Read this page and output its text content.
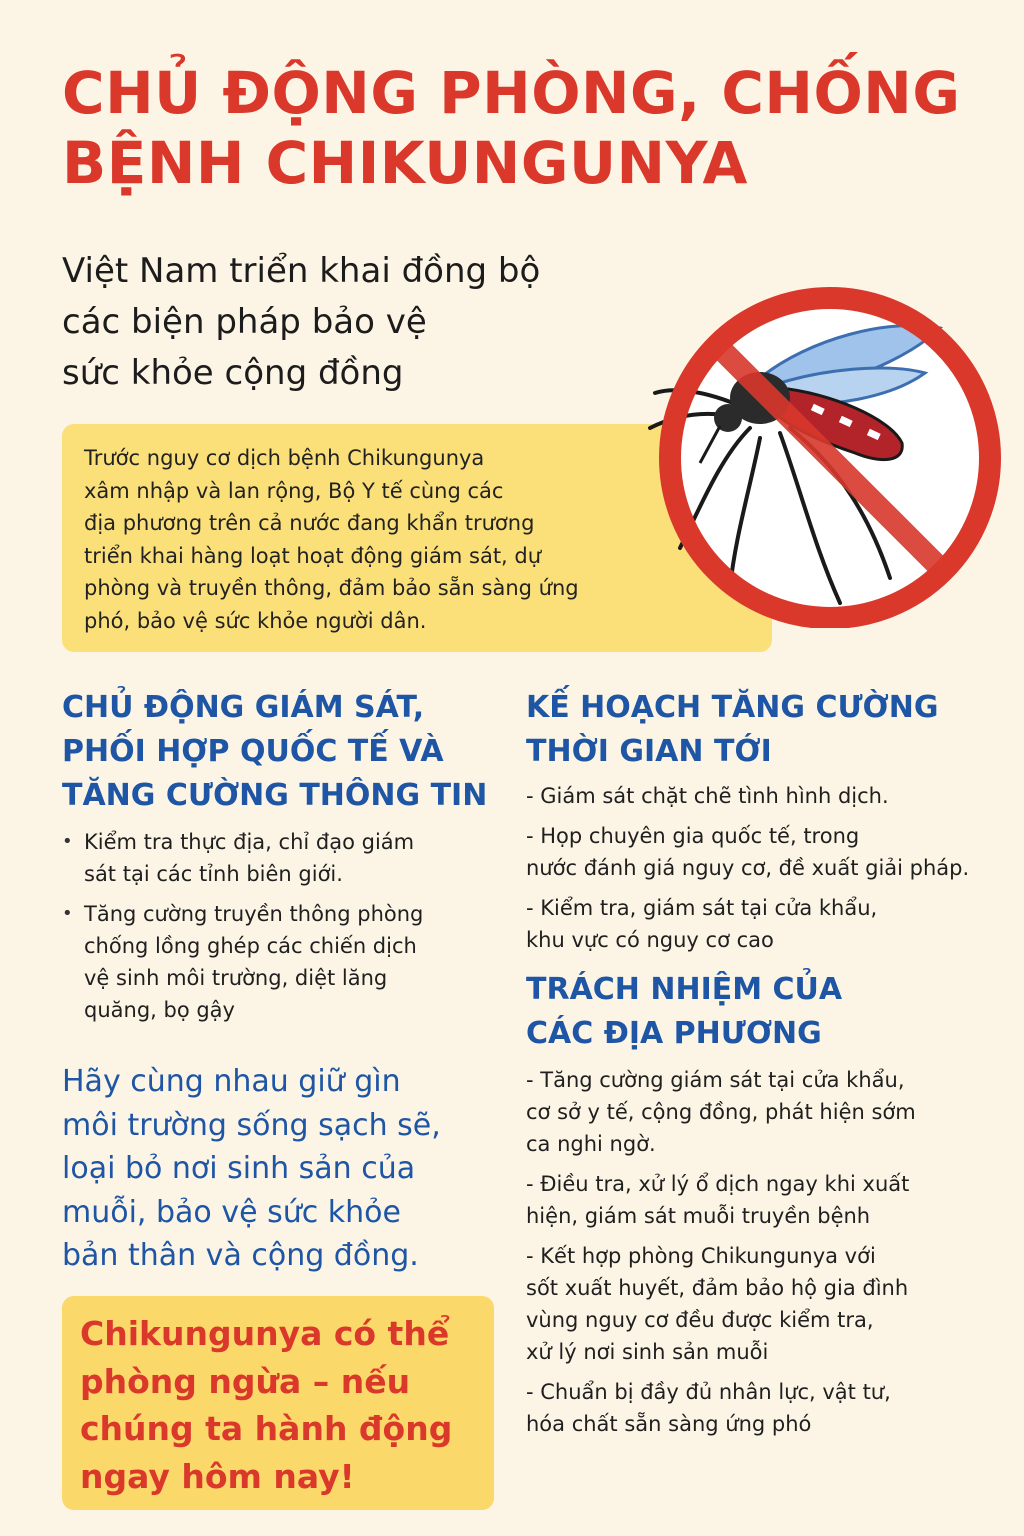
CHỦ ĐỘNG PHÒNG, CHỐNG
BỆNH CHIKUNGUNYA
Việt Nam triển khai đồng bộ
các biện pháp bảo vệ
sức khỏe cộng đồng
Trước nguy cơ dịch bệnh Chikungunya
xâm nhập và lan rộng, Bộ Y tế cùng các
địa phương trên cả nước đang khẩn trương
triển khai hàng loạt hoạt động giám sát, dự
phòng và truyền thông, đảm bảo sẵn sàng ứng
phó, bảo vệ sức khỏe người dân.
CHỦ ĐỘNG GIÁM SÁT,
PHỐI HỢP QUỐC TẾ VÀ
TĂNG CƯỜNG THÔNG TIN
• Kiểm tra thực địa, chỉ đạo giám
sát tại các tỉnh biên giới.
• Tăng cường truyền thông phòng
chống lồng ghép các chiến dịch
vệ sinh môi trường, diệt lăng
quăng, bọ gậy
Hãy cùng nhau giữ gìn
môi trường sống sạch sẽ,
loại bỏ nơi sinh sản của
muỗi, bảo vệ sức khỏe
bản thân và cộng đồng.
Chikungunya có thể
phòng ngừa – nếu
chúng ta hành động
ngay hôm nay!
KẾ HOẠCH TĂNG CƯỜNG
THỜI GIAN TỚI
- Giám sát chặt chẽ tình hình dịch.
- Họp chuyên gia quốc tế, trong
nước đánh giá nguy cơ, đề xuất giải pháp.
- Kiểm tra, giám sát tại cửa khẩu,
khu vực có nguy cơ cao
TRÁCH NHIỆM CỦA
CÁC ĐỊA PHƯƠNG
- Tăng cường giám sát tại cửa khẩu,
cơ sở y tế, cộng đồng, phát hiện sớm
ca nghi ngờ.
- Điều tra, xử lý ổ dịch ngay khi xuất
hiện, giám sát muỗi truyền bệnh
- Kết hợp phòng Chikungunya với
sốt xuất huyết, đảm bảo hộ gia đình
vùng nguy cơ đều được kiểm tra,
xử lý nơi sinh sản muỗi
- Chuẩn bị đầy đủ nhân lực, vật tư,
hóa chất sẵn sàng ứng phó
